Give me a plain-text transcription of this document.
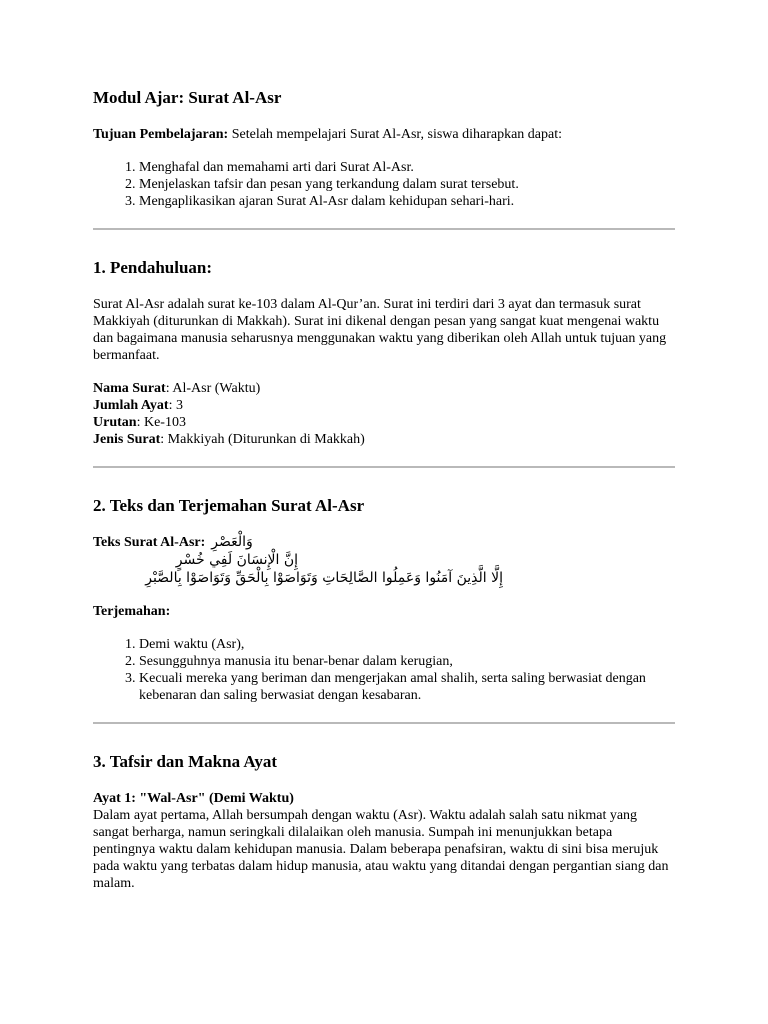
Modul Ajar: Surat Al-Asr

Tujuan Pembelajaran: Setelah mempelajari Surat Al-Asr, siswa diharapkan dapat:

1. Menghafal dan memahami arti dari Surat Al-Asr.
2. Menjelaskan tafsir dan pesan yang terkandung dalam surat tersebut.
3. Mengaplikasikan ajaran Surat Al-Asr dalam kehidupan sehari-hari.
1. Pendahuluan:

Surat Al-Asr adalah surat ke-103 dalam Al-Qur’an. Surat ini terdiri dari 3 ayat dan termasuk surat Makkiyah (diturunkan di Makkah). Surat ini dikenal dengan pesan yang sangat kuat mengenai waktu dan bagaimana manusia seharusnya menggunakan waktu yang diberikan oleh Allah untuk tujuan yang bermanfaat.

Nama Surat: Al-Asr (Waktu)

Jumlah Ayat: 3

Urutan: Ke-103

Jenis Surat: Makkiyah (Diturunkan di Makkah)

2. Teks dan Terjemahan Surat Al-Asr
Teks Surat Al-Asr: وَالْعَصْرِ
إِنَّ الْإِنسَانَ لَفِي خُسْرٍ
إِلَّا الَّذِينَ آمَنُوا وَعَمِلُوا الصَّالِحَاتِ وَتَوَاصَوْا بِالْحَقِّ وَتَوَاصَوْا بِالصَّبْرِ

Terjemahan:

1. Demi waktu (Asr),
2. Sesungguhnya manusia itu benar-benar dalam kerugian,
3. Kecuali mereka yang beriman dan mengerjakan amal shalih, serta saling berwasiat dengan kebenaran dan saling berwasiat dengan kesabaran.
3. Tafsir dan Makna Ayat

Ayat 1: "Wal-Asr" (Demi Waktu)

Dalam ayat pertama, Allah bersumpah dengan waktu (Asr). Waktu adalah salah satu nikmat yang sangat berharga, namun seringkali dilalaikan oleh manusia. Sumpah ini menunjukkan betapa pentingnya waktu dalam kehidupan manusia. Dalam beberapa penafsiran, waktu di sini bisa merujuk pada waktu yang terbatas dalam hidup manusia, atau waktu yang ditandai dengan pergantian siang dan malam.
